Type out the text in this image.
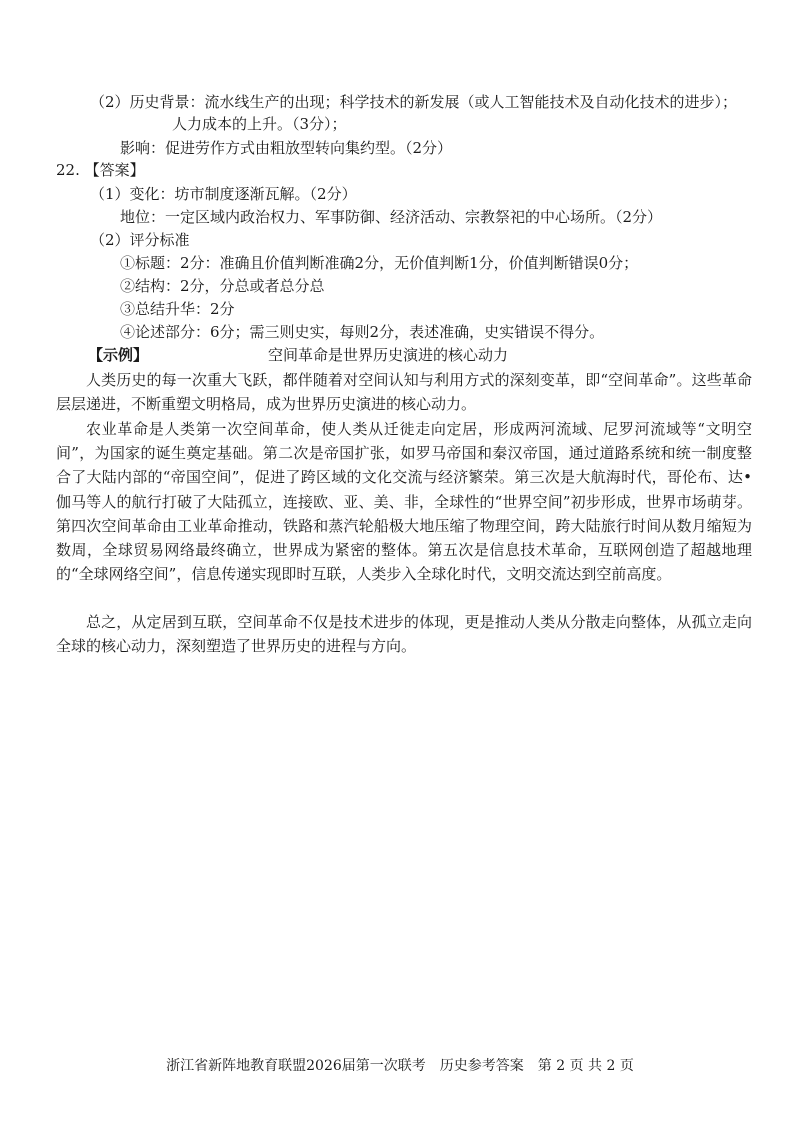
（2）历史背景：流水线生产的出现；科学技术的新发展（或人工智能技术及自动化技术的进步）；
人力成本的上升。（3分）；
影响：促进劳作方式由粗放型转向集约型。（2分）
22. 【答案】
（1）变化：坊市制度逐渐瓦解。（2分）
地位：一定区域内政治权力、军事防御、经济活动、宗教祭祀的中心场所。（2分）
（2）评分标准
①标题：2分：准确且价值判断准确2分，无价值判断1分，价值判断错误0分；
②结构：2分，分总或者总分总
③总结升华：2分
④论述部分：6分；需三则史实，每则2分，表述准确，史实错误不得分。
【示例】	空间革命是世界历史演进的核心动力

人类历史的每一次重大飞跃，都伴随着对空间认知与利用方式的深刻变革，即“空间革命”。这些革命层层递进，不断重塑文明格局，成为世界历史演进的核心动力。

农业革命是人类第一次空间革命，使人类从迁徙走向定居，形成两河流域、尼罗河流域等“文明空间”，为国家的诞生奠定基础。第二次是帝国扩张，如罗马帝国和秦汉帝国，通过道路系统和统一制度整合了大陆内部的“帝国空间”，促进了跨区域的文化交流与经济繁荣。第三次是大航海时代，哥伦布、达•伽马等人的航行打破了大陆孤立，连接欧、亚、美、非，全球性的“世界空间”初步形成，世界市场萌芽。第四次空间革命由工业革命推动，铁路和蒸汽轮船极大地压缩了物理空间，跨大陆旅行时间从数月缩短为数周，全球贸易网络最终确立，世界成为紧密的整体。第五次是信息技术革命，互联网创造了超越地理的“全球网络空间”，信息传递实现即时互联，人类步入全球化时代，文明交流达到空前高度。

总之，从定居到互联，空间革命不仅是技术进步的体现，更是推动人类从分散走向整体，从孤立走向全球的核心动力，深刻塑造了世界历史的进程与方向。

浙江省新阵地教育联盟2026届第一次联考　历史参考答案　第 2 页 共 2 页
